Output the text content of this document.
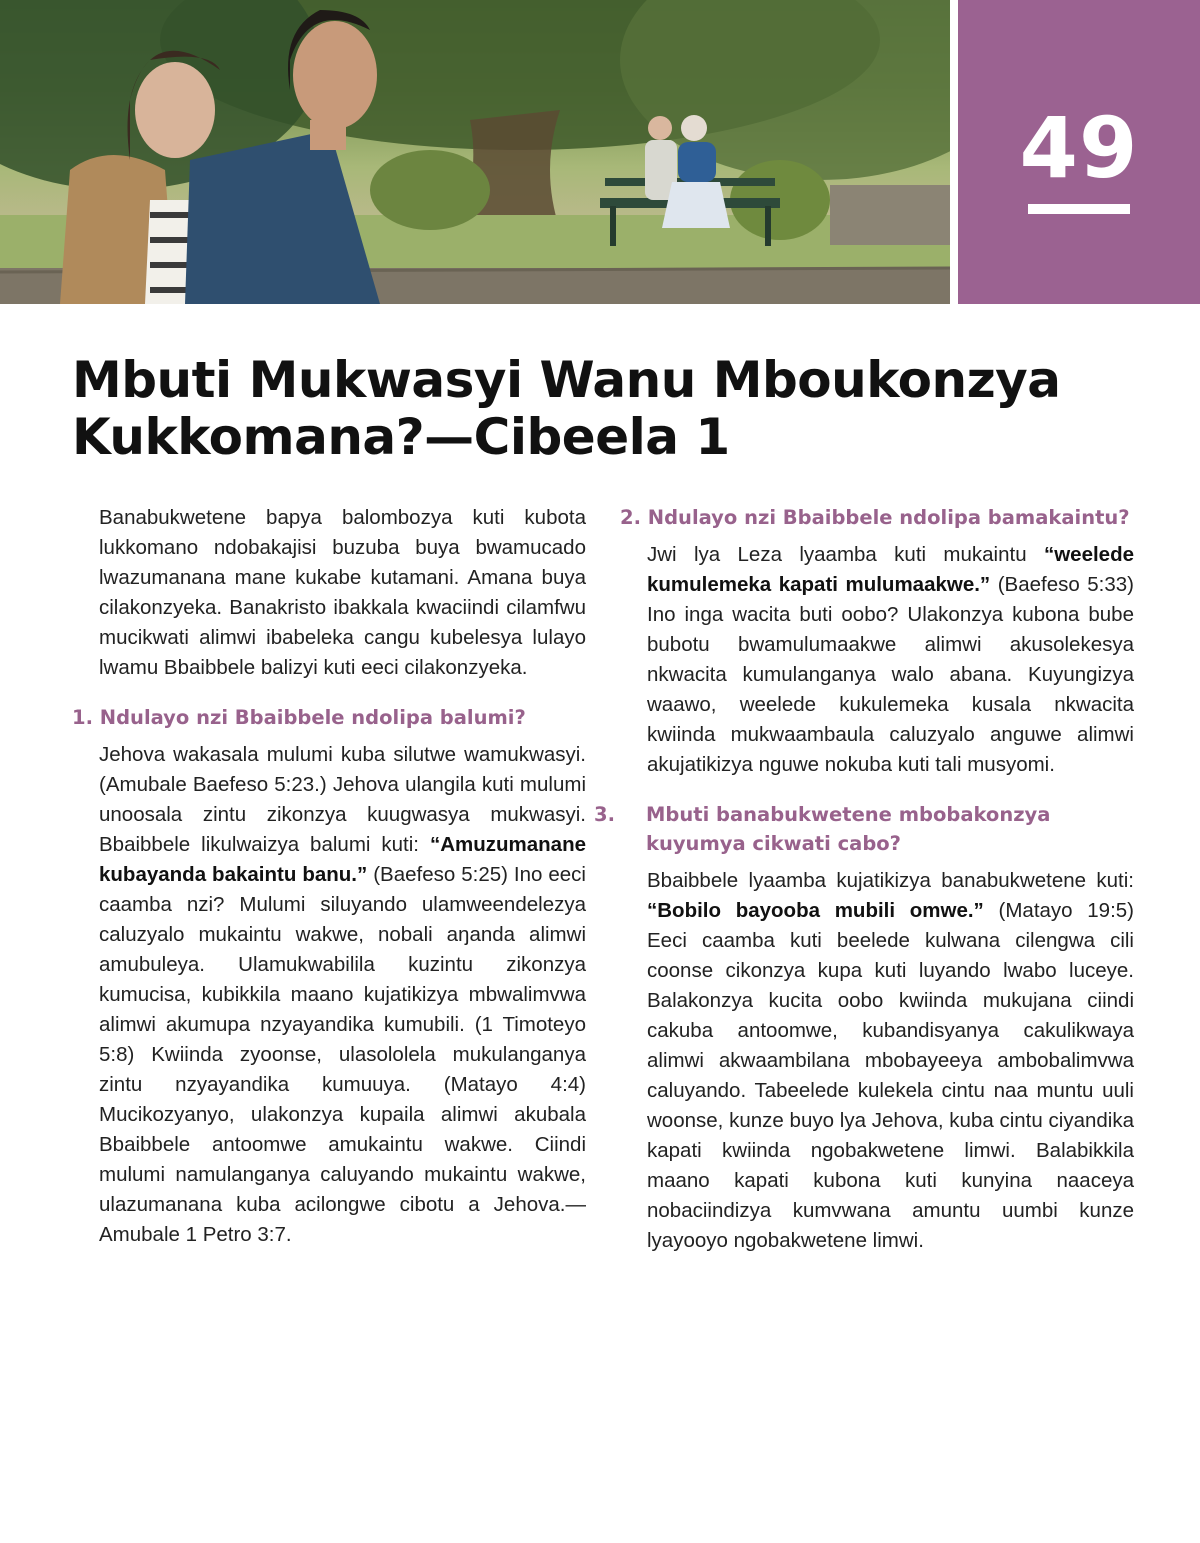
49
Mbuti Mukwasyi Wanu Mboukonzya Kukkomana?—Cibeela 1

Banabukwetene bapya balombozya kuti kubota lukkomano ndobakajisi buzuba buya bwamucado lwazumanana mane kukabe kutamani. Amana buya cilakonzyeka. Banakristo ibakkala kwaciindi cilamfwu mucikwati alimwi ibabeleka cangu kubelesya lulayo lwamu Bbaibbele balizyi kuti eeci cilakonzyeka.

1. Ndulayo nzi Bbaibbele ndolipa balumi?

Jehova wakasala mulumi kuba silutwe wamukwasyi. (Amubale Baefeso 5:23.) Jehova ulangila kuti mulumi unoosala zintu zikonzya kuugwasya mukwasyi. Bbaibbele likulwaizya balumi kuti: “Amuzumanane kubayanda bakaintu banu.” (Baefeso 5:25) Ino eeci caamba nzi? Mulumi siluyando ulamweendelezya caluzyalo mukaintu wakwe, nobali aŋanda alimwi amubuleya. Ulamukwabilila kuzintu zikonzya kumucisa, kubikkila maano kujatikizya mbwalimvwa alimwi akumupa nzyayandika kumubili. (1 Timoteyo 5:8) Kwiinda zyoonse, ulasololela mukulanganya zintu nzyayandika kumuuya. (Matayo 4:4) Mucikozyanyo, ulakonzya kupaila alimwi akubala Bbaibbele antoomwe amukaintu wakwe. Ciindi mulumi namulanganya caluyando mukaintu wakwe, ulazumanana kuba acilongwe cibotu a Jehova.—Amubale 1 Petro 3:7.

2. Ndulayo nzi Bbaibbele ndolipa bamakaintu?

Jwi lya Leza lyaamba kuti mukaintu “weelede kumulemeka kapati mulumaakwe.” (Baefeso 5:33) Ino inga wacita buti oobo? Ulakonzya kubona bube bubotu bwamulumaakwe alimwi akusolekesya nkwacita kumulanganya walo abana. Kuyungizya waawo, weelede kukulemeka kusala nkwacita kwiinda mukwaambaula caluzyalo anguwe alimwi akujatikizya nguwe nokuba kuti tali musyomi.

3. Mbuti banabukwetene mbobakonzya kuyumya cikwati cabo?

Bbaibbele lyaamba kujatikizya banabukwetene kuti: “Bobilo bayooba mubili omwe.” (Matayo 19:5) Eeci caamba kuti beelede kulwana cilengwa cili coonse cikonzya kupa kuti luyando lwabo luceye. Balakonzya kucita oobo kwiinda mukujana ciindi cakuba antoomwe, kubandisyanya cakulikwaya alimwi akwaambilana mbobayeeya ambobalimvwa caluyando. Tabeelede kulekela cintu naa muntu uuli woonse, kunze buyo lya Jehova, kuba cintu ciyandika kapati kwiinda ngobakwetene limwi. Balabikkila maano kapati kubona kuti kunyina naaceya nobaciindizya kumvwana amuntu uumbi kunze lyayooyo ngobakwetene limwi.
